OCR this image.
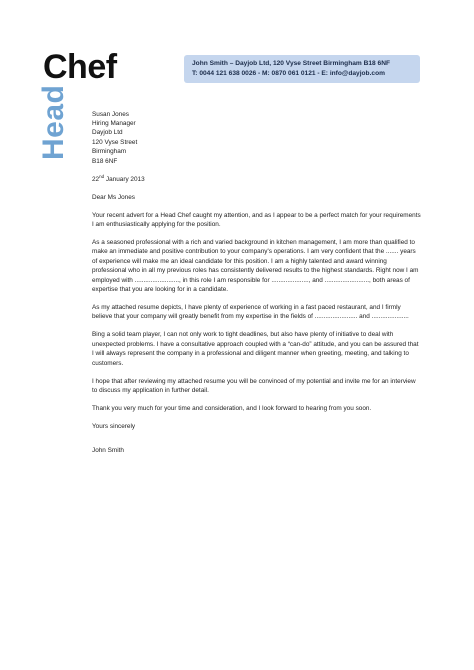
Chef
Head
John Smith – Dayjob Ltd, 120 Vyse Street Birmingham B18 6NF
T: 0044 121 638 0026 - M: 0870 061 0121 - E: info@dayjob.com

Susan Jones
Hiring Manager
Dayjob Ltd
120 Vyse Street
Birmingham
B18 6NF

22nd January 2013

Dear Ms Jones

Your recent advert for a Head Chef caught my attention, and as I appear to be a perfect match for your requirements I am enthusiastically applying for the position.

As a seasoned professional with a rich and varied background in kitchen management, I am more than qualified to make an immediate and positive contribution to your company's operations. I am very confident that the ....... years of experience will make me an ideal candidate for this position. I am a highly talented and award winning professional who in all my previous roles has consistently delivered results to the highest standards. Right now I am employed with ........................., in this role I am responsible for ....................., and ........................., both areas of expertise that you are looking for in a candidate.

As my attached resume depicts, I have plenty of experience of working in a fast paced restaurant, and I firmly believe that your company will greatly benefit from my expertise in the fields of ........................ and .....................

Bing a solid team player, I can not only work to tight deadlines, but also have plenty of initiative to deal with unexpected problems. I have a consultative approach coupled with a “can-do” attitude, and you can be assured that I will always represent the company in a professional and diligent manner when greeting, meeting, and talking to customers.

I hope that after reviewing my attached resume you will be convinced of my potential and invite me for an interview to discuss my application in further detail.

Thank you very much for your time and consideration, and I look forward to hearing from you soon.

Yours sincerely

John Smith
